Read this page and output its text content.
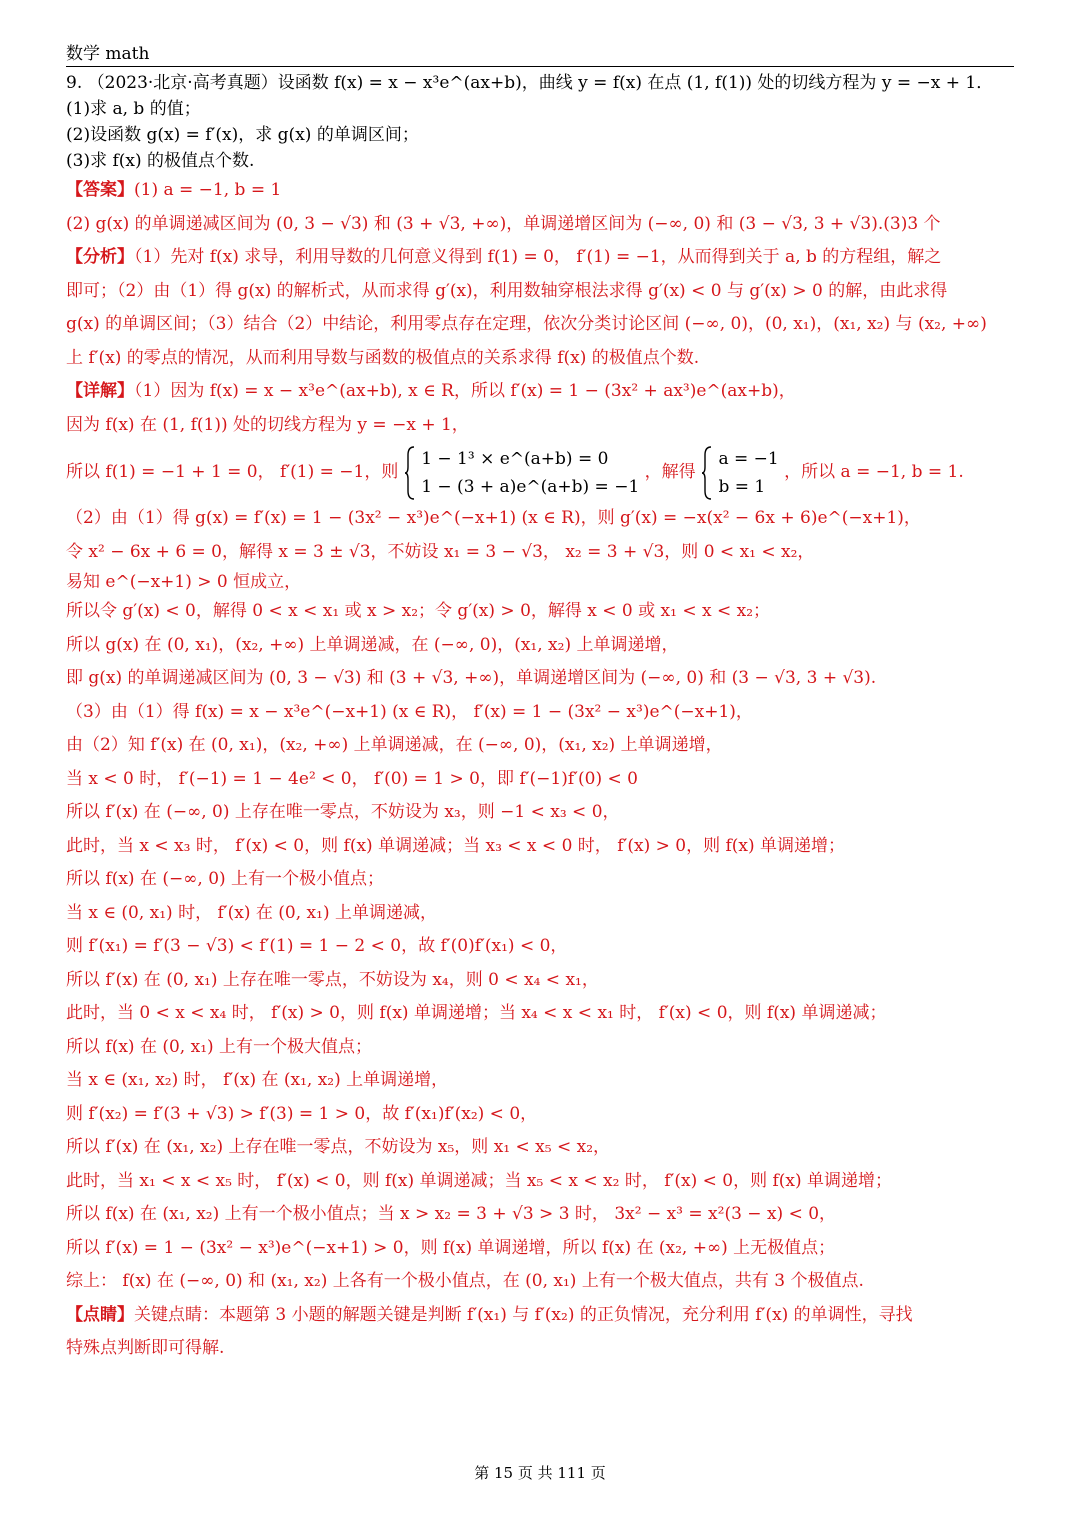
数学 math
9. （2023·北京·高考真题）设函数 f(x) = x − x³e^(ax+b)，曲线 y = f(x) 在点 (1, f(1)) 处的切线方程为 y = −x + 1．
(1)求 a, b 的值；
(2)设函数 g(x) = f′(x)，求 g(x) 的单调区间；
(3)求 f(x) 的极值点个数.
【答案】(1) a = −1, b = 1
(2) g(x) 的单调递减区间为 (0, 3 − √3) 和 (3 + √3, +∞)，单调递增区间为 (−∞, 0) 和 (3 − √3, 3 + √3).(3)3 个
【分析】（1）先对 f(x) 求导，利用导数的几何意义得到 f(1) = 0， f′(1) = −1，从而得到关于 a, b 的方程组，解之
即可；（2）由（1）得 g(x) 的解析式，从而求得 g′(x)，利用数轴穿根法求得 g′(x) < 0 与 g′(x) > 0 的解，由此求得
g(x) 的单调区间；（3）结合（2）中结论，利用零点存在定理，依次分类讨论区间 (−∞, 0)，(0, x₁)，(x₁, x₂) 与 (x₂, +∞)
上 f′(x) 的零点的情况，从而利用导数与函数的极值点的关系求得 f(x) 的极值点个数.
【详解】（1）因为 f(x) = x − x³e^(ax+b), x ∈ R，所以 f′(x) = 1 − (3x² + ax³)e^(ax+b)，
因为 f(x) 在 (1, f(1)) 处的切线方程为 y = −x + 1，
所以 f(1) = −1 + 1 = 0， f′(1) = −1，则
1 − 1³ × e^(a+b) = 0
1 − (3 + a)e^(a+b) = −1
，解得
a = −1
b = 1
，所以 a = −1, b = 1.
（2）由（1）得 g(x) = f′(x) = 1 − (3x² − x³)e^(−x+1) (x ∈ R)，则 g′(x) = −x(x² − 6x + 6)e^(−x+1)，
令 x² − 6x + 6 = 0，解得 x = 3 ± √3，不妨设 x₁ = 3 − √3， x₂ = 3 + √3，则 0 < x₁ < x₂，
易知 e^(−x+1) > 0 恒成立，
所以令 g′(x) < 0，解得 0 < x < x₁ 或 x > x₂；令 g′(x) > 0，解得 x < 0 或 x₁ < x < x₂；
所以 g(x) 在 (0, x₁)，(x₂, +∞) 上单调递减，在 (−∞, 0)，(x₁, x₂) 上单调递增，
即 g(x) 的单调递减区间为 (0, 3 − √3) 和 (3 + √3, +∞)，单调递增区间为 (−∞, 0) 和 (3 − √3, 3 + √3).
（3）由（1）得 f(x) = x − x³e^(−x+1) (x ∈ R)， f′(x) = 1 − (3x² − x³)e^(−x+1)，
由（2）知 f′(x) 在 (0, x₁)，(x₂, +∞) 上单调递减，在 (−∞, 0)，(x₁, x₂) 上单调递增，
当 x < 0 时， f′(−1) = 1 − 4e² < 0， f′(0) = 1 > 0，即 f′(−1)f′(0) < 0
所以 f′(x) 在 (−∞, 0) 上存在唯一零点，不妨设为 x₃，则 −1 < x₃ < 0，
此时，当 x < x₃ 时， f′(x) < 0，则 f(x) 单调递减；当 x₃ < x < 0 时， f′(x) > 0，则 f(x) 单调递增；
所以 f(x) 在 (−∞, 0) 上有一个极小值点；
当 x ∈ (0, x₁) 时， f′(x) 在 (0, x₁) 上单调递减，
则 f′(x₁) = f′(3 − √3) < f′(1) = 1 − 2 < 0，故 f′(0)f′(x₁) < 0，
所以 f′(x) 在 (0, x₁) 上存在唯一零点，不妨设为 x₄，则 0 < x₄ < x₁，
此时，当 0 < x < x₄ 时， f′(x) > 0，则 f(x) 单调递增；当 x₄ < x < x₁ 时， f′(x) < 0，则 f(x) 单调递减；
所以 f(x) 在 (0, x₁) 上有一个极大值点；
当 x ∈ (x₁, x₂) 时， f′(x) 在 (x₁, x₂) 上单调递增，
则 f′(x₂) = f′(3 + √3) > f′(3) = 1 > 0，故 f′(x₁)f′(x₂) < 0，
所以 f′(x) 在 (x₁, x₂) 上存在唯一零点，不妨设为 x₅，则 x₁ < x₅ < x₂，
此时，当 x₁ < x < x₅ 时， f′(x) < 0，则 f(x) 单调递减；当 x₅ < x < x₂ 时， f′(x) < 0，则 f(x) 单调递增；
所以 f(x) 在 (x₁, x₂) 上有一个极小值点；当 x > x₂ = 3 + √3 > 3 时， 3x² − x³ = x²(3 − x) < 0，
所以 f′(x) = 1 − (3x² − x³)e^(−x+1) > 0，则 f(x) 单调递增，所以 f(x) 在 (x₂, +∞) 上无极值点；
综上： f(x) 在 (−∞, 0) 和 (x₁, x₂) 上各有一个极小值点，在 (0, x₁) 上有一个极大值点，共有 3 个极值点.
【点睛】关键点睛：本题第 3 小题的解题关键是判断 f′(x₁) 与 f′(x₂) 的正负情况，充分利用 f′(x) 的单调性，寻找
特殊点判断即可得解.
第 15 页 共 111 页
